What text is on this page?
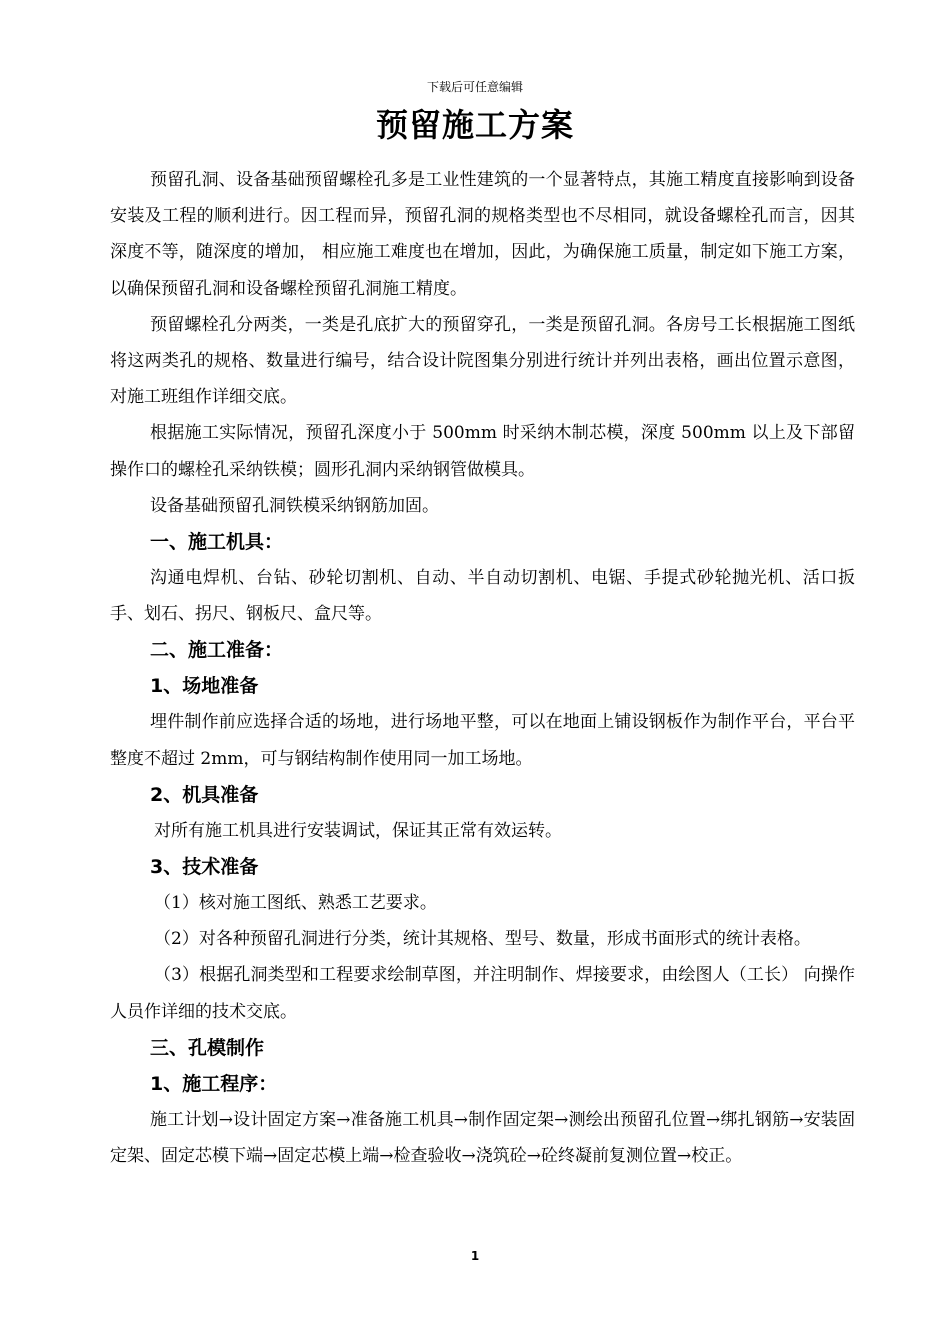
下载后可任意编辑
预留施工方案

预留孔洞、设备基础预留螺栓孔多是工业性建筑的一个显著特点，其施工精度直接影响到设备安装及工程的顺利进行。因工程而异，预留孔洞的规格类型也不尽相同，就设备螺栓孔而言，因其深度不等，随深度的增加， 相应施工难度也在增加，因此，为确保施工质量，制定如下施工方案，以确保预留孔洞和设备螺栓预留孔洞施工精度。

预留螺栓孔分两类，一类是孔底扩大的预留穿孔，一类是预留孔洞。各房号工长根据施工图纸将这两类孔的规格、数量进行编号，结合设计院图集分别进行统计并列出表格，画出位置示意图，对施工班组作详细交底。

根据施工实际情况，预留孔深度小于 500mm 时采纳木制芯模，深度 500mm 以上及下部留操作口的螺栓孔采纳铁模；圆形孔洞内采纳钢管做模具。

设备基础预留孔洞铁模采纳钢筋加固。

一、施工机具：

沟通电焊机、台钻、砂轮切割机、自动、半自动切割机、电锯、手提式砂轮抛光机、活口扳手、划石、拐尺、钢板尺、盒尺等。

二、施工准备：

1、场地准备

埋件制作前应选择合适的场地，进行场地平整，可以在地面上铺设钢板作为制作平台，平台平整度不超过 2mm，可与钢结构制作使用同一加工场地。

2、机具准备

对所有施工机具进行安装调试，保证其正常有效运转。

3、技术准备

（1）核对施工图纸、熟悉工艺要求。

（2）对各种预留孔洞进行分类，统计其规格、型号、数量，形成书面形式的统计表格。

（3）根据孔洞类型和工程要求绘制草图，并注明制作、焊接要求，由绘图人（工长） 向操作人员作详细的技术交底。

三、孔模制作

1、施工程序：

施工计划→设计固定方案→准备施工机具→制作固定架→测绘出预留孔位置→绑扎钢筋→安装固定架、固定芯模下端→固定芯模上端→检查验收→浇筑砼→砼终凝前复测位置→校正。

1
